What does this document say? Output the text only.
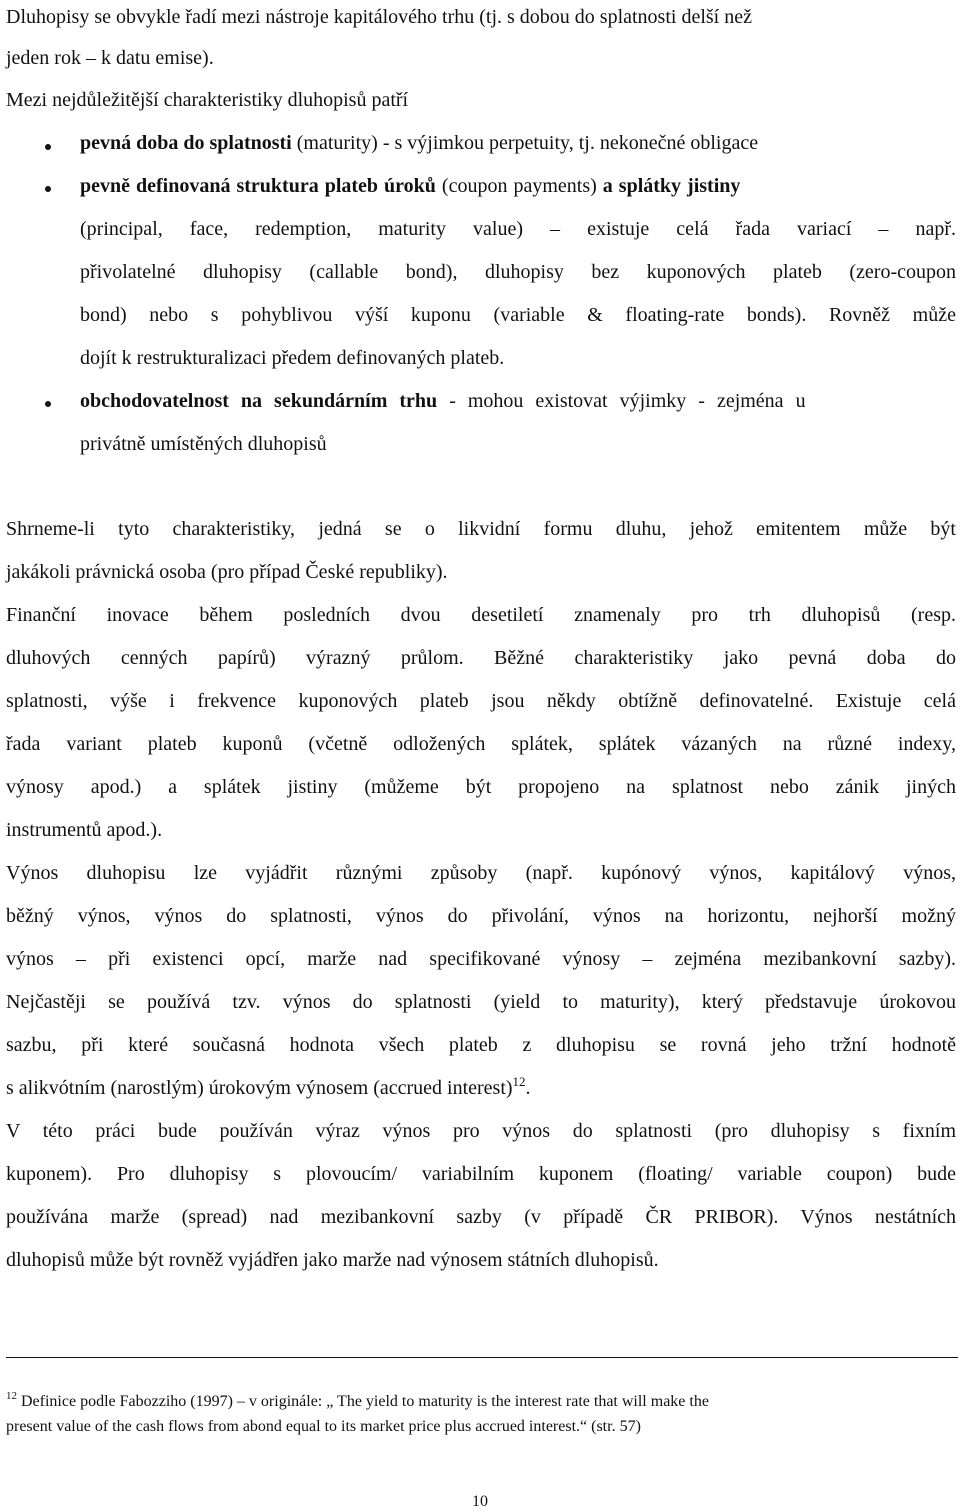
Dluhopisy se obvykle řadí mezi nástroje kapitálového trhu (tj. s dobou do splatnosti delší než
jeden rok – k datu emise).
Mezi nejdůležitější charakteristiky dluhopisů patří
pevná doba do splatnosti (maturity) - s výjimkou perpetuity, tj. nekonečné obligace
pevně definovaná struktura plateb úroků (coupon payments) a splátky jistiny
(principal, face, redemption, maturity value) – existuje celá řada variací – např.
přivolatelné dluhopisy (callable bond), dluhopisy bez kuponových plateb (zero-coupon
bond) nebo s pohyblivou výší kuponu (variable & floating-rate bonds). Rovněž může
dojít k restrukturalizaci předem definovaných plateb.
obchodovatelnost na sekundárním trhu - mohou existovat výjimky - zejména u
privátně umístěných dluhopisů
Shrneme-li tyto charakteristiky, jedná se o likvidní formu dluhu, jehož emitentem může být
jakákoli právnická osoba (pro případ České republiky).
Finanční inovace během posledních dvou desetiletí znamenaly pro trh dluhopisů (resp.
dluhových cenných papírů) výrazný průlom. Běžné charakteristiky jako pevná doba do
splatnosti, výše i frekvence kuponových plateb jsou někdy obtížně definovatelné. Existuje celá
řada variant plateb kuponů (včetně odložených splátek, splátek vázaných na různé indexy,
výnosy apod.) a splátek jistiny (můžeme být propojeno na splatnost nebo zánik jiných
instrumentů apod.).
Výnos dluhopisu lze vyjádřit různými způsoby (např. kupónový výnos, kapitálový výnos,
běžný výnos, výnos do splatnosti, výnos do přivolání, výnos na horizontu, nejhorší možný
výnos – při existenci opcí, marže nad specifikované výnosy – zejména mezibankovní sazby).
Nejčastěji se používá tzv. výnos do splatnosti (yield to maturity), který představuje úrokovou
sazbu, při které současná hodnota všech plateb z dluhopisu se rovná jeho tržní hodnotě
s alikvótním (narostlým) úrokovým výnosem (accrued interest)$^{12}$.
V této práci bude používán výraz výnos pro výnos do splatnosti (pro dluhopisy s fixním
kuponem). Pro dluhopisy s plovoucím/ variabilním kuponem (floating/ variable coupon) bude
používána marže (spread) nad mezibankovní sazby (v případě ČR PRIBOR). Výnos nestátních
dluhopisů může být rovněž vyjádřen jako marže nad výnosem státních dluhopisů.
$^{12}$ Definice podle Fabozziho (1997) – v originále: „ The yield to maturity is the interest rate that will make the
present value of the cash flows from abond equal to its market price plus accrued interest.“ (str. 57)
10
